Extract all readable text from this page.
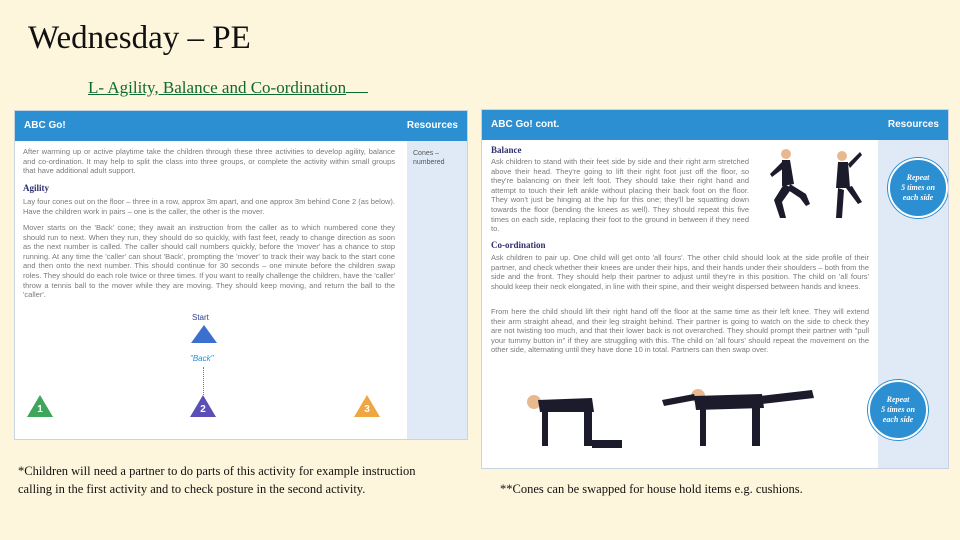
Wednesday – PE
L- Agility, Balance and Co-ordination
ABC Go!	Resources
Cones – numbered
After warming up or active playtime take the children through these three activities to develop agility, balance and co-ordination. It may help to split the class into three groups, or complete the activity within small groups that have additional adult support.
Agility
Lay four cones out on the floor – three in a row, approx 3m apart, and one approx 3m behind Cone 2 (as below). Have the children work in pairs – one is the caller, the other is the mover.
Mover starts on the 'Back' cone; they await an instruction from the caller as to which numbered cone they should run to next. When they run, they should do so quickly, with fast feet, ready to change direction as soon as the next number is called. The caller should call numbers quickly, before the 'mover' has a chance to stop running. At any time the 'caller' can shout 'Back', prompting the 'mover' to track their way back to the start cone and then onto the next number. This should continue for 30 seconds – one minute before the children swap roles. They should do each role twice or three times. If you want to really challenge the children, have the 'caller' throw a tennis ball to the mover while they are moving. They should keep moving, and return the ball to the 'caller'.
Start
"Back"
1	2	3
ABC Go! cont.	Resources
Balance
Ask children to stand with their feet side by side and their right arm stretched above their head. They're going to lift their right foot just off the floor, so they're balancing on their left foot. They should take their right hand and attempt to touch their left ankle without placing their back foot on the floor. They won't just be hinging at the hip for this one; they'll be squatting down towards the floor (bending the knees as well). They should repeat this five times on each side, replacing their foot to the ground in between if they need to.
Co-ordination
Ask children to pair up. One child will get onto 'all fours'. The other child should look at the side profile of their partner, and check whether their knees are under their hips, and their hands under their shoulders – both from the side and the front. They should help their partner to adjust until they're in this position. The child on 'all fours' should keep their neck elongated, in line with their spine, and their weight dispersed between hands and knees.
From here the child should lift their right hand off the floor at the same time as their left knee. They will extend their arm straight ahead, and their leg straight behind. Their partner is going to watch on the side to check they are not twisting too much, and that their lower back is not overarched. They should prompt their partner with "pull your tummy button in" if they are struggling with this. The child on 'all fours' should repeat the movement on the other side, alternating until they have done 10 in total. Partners can then swap over.
Repeat
5 times on
each side
Repeat
5 times on
each side
*Children will need a partner to do parts of this activity for example instruction calling in the first activity and to check posture in the second activity.	**Cones can be swapped for house hold items e.g. cushions.
